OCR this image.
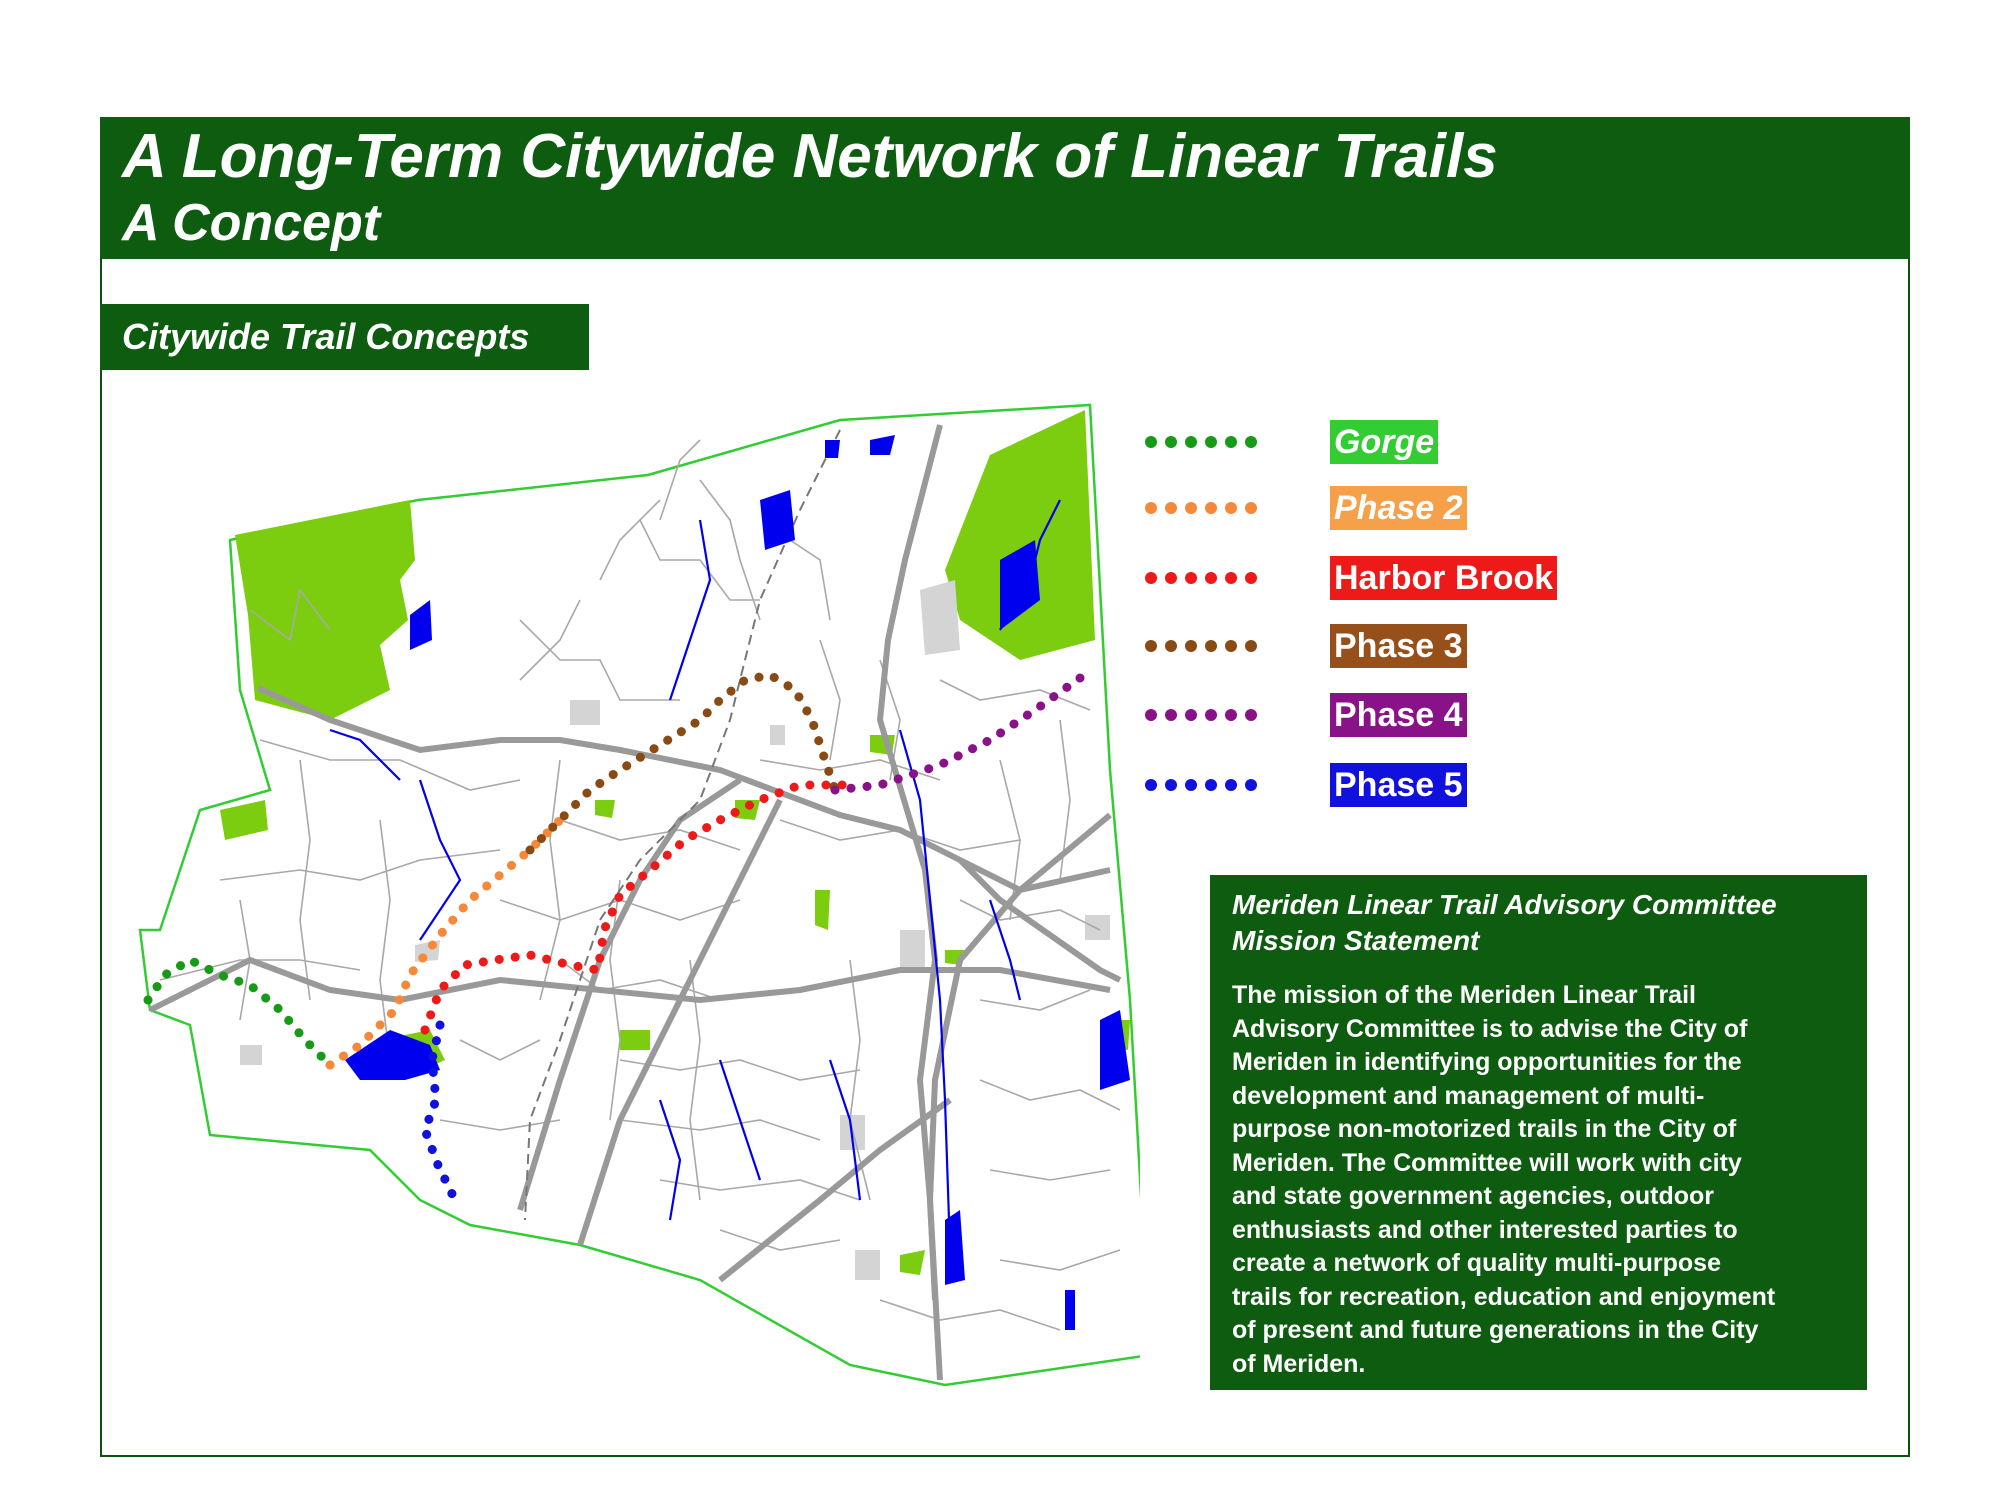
A Long-Term Citywide Network of Linear Trails
A Concept
Citywide Trail Concepts
Gorge
Phase 2
Harbor Brook
Phase 3
Phase 4
Phase 5
Meriden Linear Trail Advisory Committee
Mission Statement
The mission of the Meriden Linear Trail
Advisory Committee is to advise the City of
Meriden in identifying opportunities for the
development and management of multi-
purpose non-motorized trails in the City of
Meriden. The Committee will work with city
and state government agencies, outdoor
enthusiasts and other interested parties to
create a network of quality multi-purpose
trails for recreation, education and enjoyment
of present and future generations in the City
of Meriden.
